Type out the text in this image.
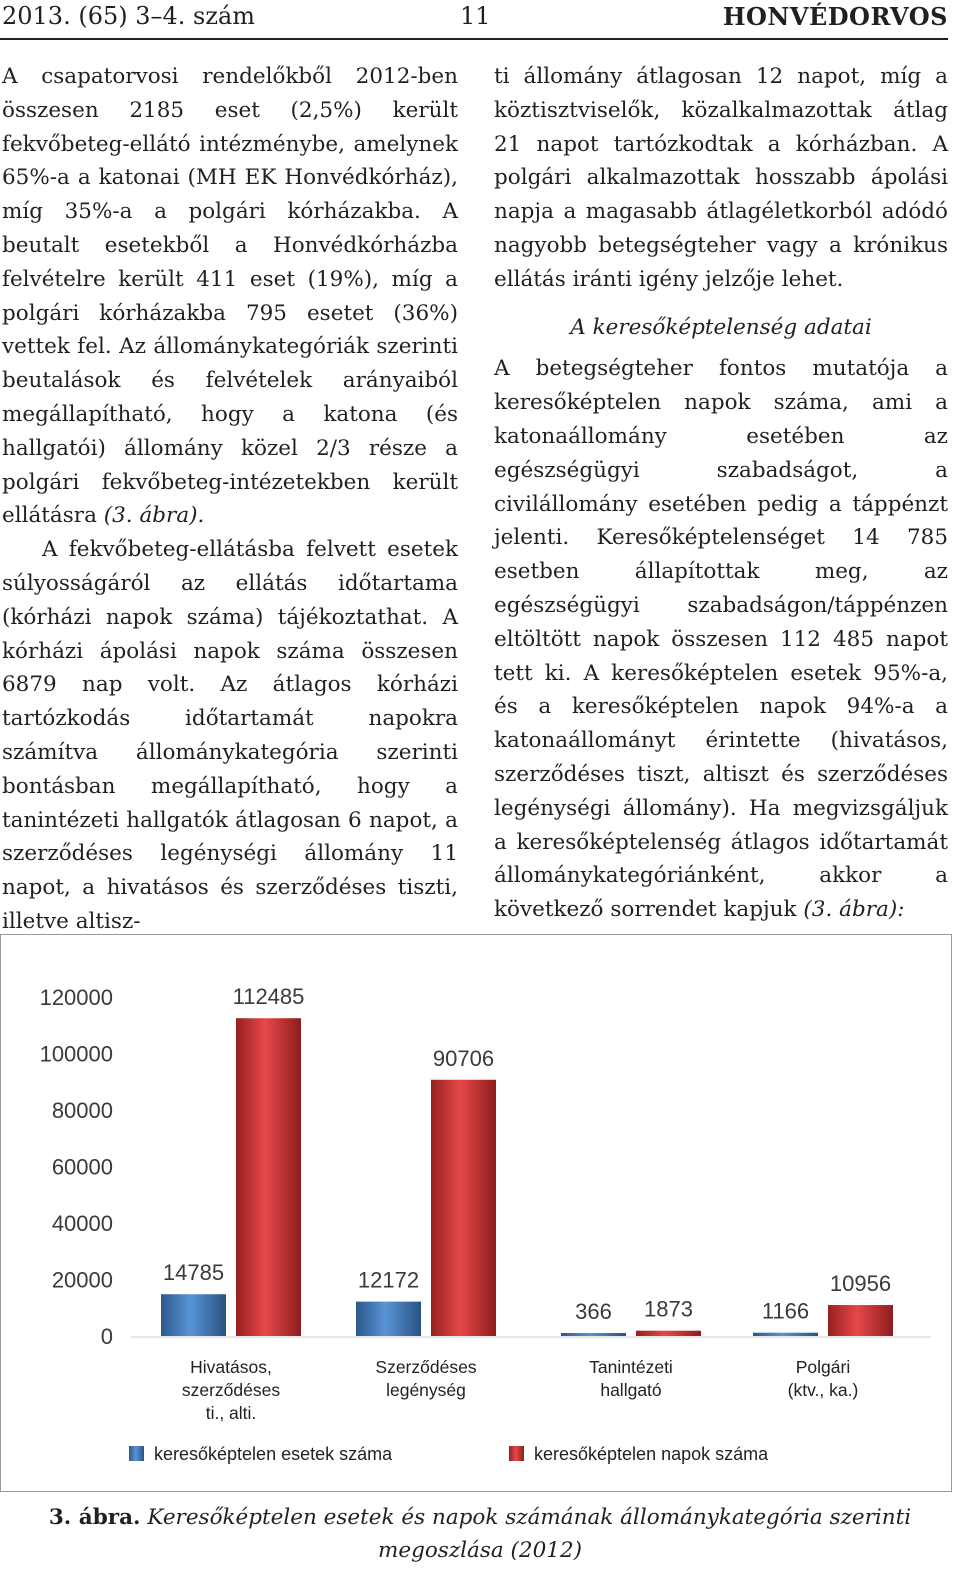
2013. (65) 3–4. szám	11	HONVÉDORVOS

A csapatorvosi rendelőkből 2012-ben összesen 2185 eset (2,5%) került fekvőbeteg-ellátó intézménybe, amelynek 65%-a a katonai (MH EK Honvédkórház), míg 35%-a a polgári kórházakba. A beutalt esetekből a Honvédkórházba felvételre került 411 eset (19%), míg a polgári kórházakba 795 esetet (36%) vettek fel. Az állománykategóriák szerinti beutalások és felvételek arányaiból megállapítható, hogy a katona (és hallgatói) állomány közel 2/3 része a polgári fekvőbeteg-intézetekben került ellátásra (3. ábra).

A fekvőbeteg-ellátásba felvett esetek súlyosságáról az ellátás időtartama (kórházi napok száma) tájékoztathat. A kórházi ápolási napok száma összesen 6879 nap volt. Az átlagos kórházi tartózkodás időtartamát napokra számítva állománykategória szerinti bontásban megállapítható, hogy a tanintézeti hallgatók átlagosan 6 napot, a szerződéses legénységi állomány 11 napot, a hivatásos és szerződéses tiszti, illetve altisz-

ti állomány átlagosan 12 napot, míg a köztisztviselők, közalkalmazottak átlag 21 napot tartózkodtak a kórházban. A polgári alkalmazottak hosszabb ápolási napja a magasabb átlagéletkorból adódó nagyobb betegségteher vagy a krónikus ellátás iránti igény jelzője lehet.

A keresőképtelenség adatai

A betegségteher fontos mutatója a keresőképtelen napok száma, ami a katonaállomány esetében az egészségügyi szabadságot, a civilállomány esetében pedig a táppénzt jelenti. Keresőképtelenséget 14 785 esetben állapítottak meg, az egészségügyi szabadságon/táppénzen eltöltött napok összesen 112 485 napot tett ki. A keresőképtelen esetek 95%-a, és a keresőképtelen napok 94%-a a katonaállományt érintette (hivatásos, szerződéses tiszt, altiszt és szerződéses legénységi állomány). Ha megvizsgáljuk a keresőképtelenség átlagos időtartamát állománykategóriánként, akkor a következő sorrendet kapjuk (3. ábra):

0
20000
40000
60000
80000
100000
120000
14785
112485
Hivatásos,
szerződéses
ti., alti.
12172
90706
Szerződéses
legénység
366 1873
Tanintézeti
hallgató
1166
10956
Polgári
(ktv., ka.)
keresőképtelen esetek száma	keresőképtelen napok száma
3. ábra. Keresőképtelen esetek és napok számának állománykategória szerinti
megoszlása (2012)
